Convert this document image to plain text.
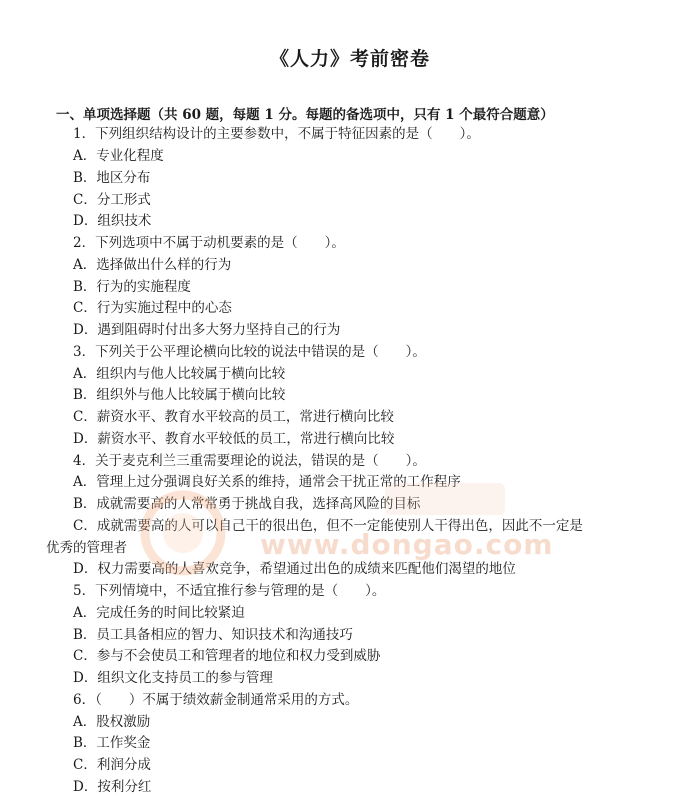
《人力》考前密卷
一、单项选择题（共 60 题，每题 1 分。每题的备选项中，只有 1 个最符合题意）
1．下列组织结构设计的主要参数中，不属于特征因素的是（　　）。
A．专业化程度
B．地区分布
C．分工形式
D．组织技术
2．下列选项中不属于动机要素的是（　　）。
A．选择做出什么样的行为
B．行为的实施程度
C．行为实施过程中的心态
D．遇到阻碍时付出多大努力坚持自己的行为
3．下列关于公平理论横向比较的说法中错误的是（　　）。
A．组织内与他人比较属于横向比较
B．组织外与他人比较属于横向比较
C．薪资水平、教育水平较高的员工，常进行横向比较
D．薪资水平、教育水平较低的员工，常进行横向比较
4．关于麦克利兰三重需要理论的说法，错误的是（　　）。
A．管理上过分强调良好关系的维持，通常会干扰正常的工作程序
B．成就需要高的人常常勇于挑战自我，选择高风险的目标
C．成就需要高的人可以自己干的很出色，但不一定能使别人干得出色，因此不一定是
优秀的管理者
D．权力需要高的人喜欢竞争，希望通过出色的成绩来匹配他们渴望的地位
5．下列情境中，不适宜推行参与管理的是（　　）。
A．完成任务的时间比较紧迫
B．员工具备相应的智力、知识技术和沟通技巧
C．参与不会使员工和管理者的地位和权力受到威胁
D．组织文化支持员工的参与管理
6．（　　）不属于绩效薪金制通常采用的方式。
A．股权激励
B．工作奖金
C．利润分成
D．按利分红
www.dongao.com
